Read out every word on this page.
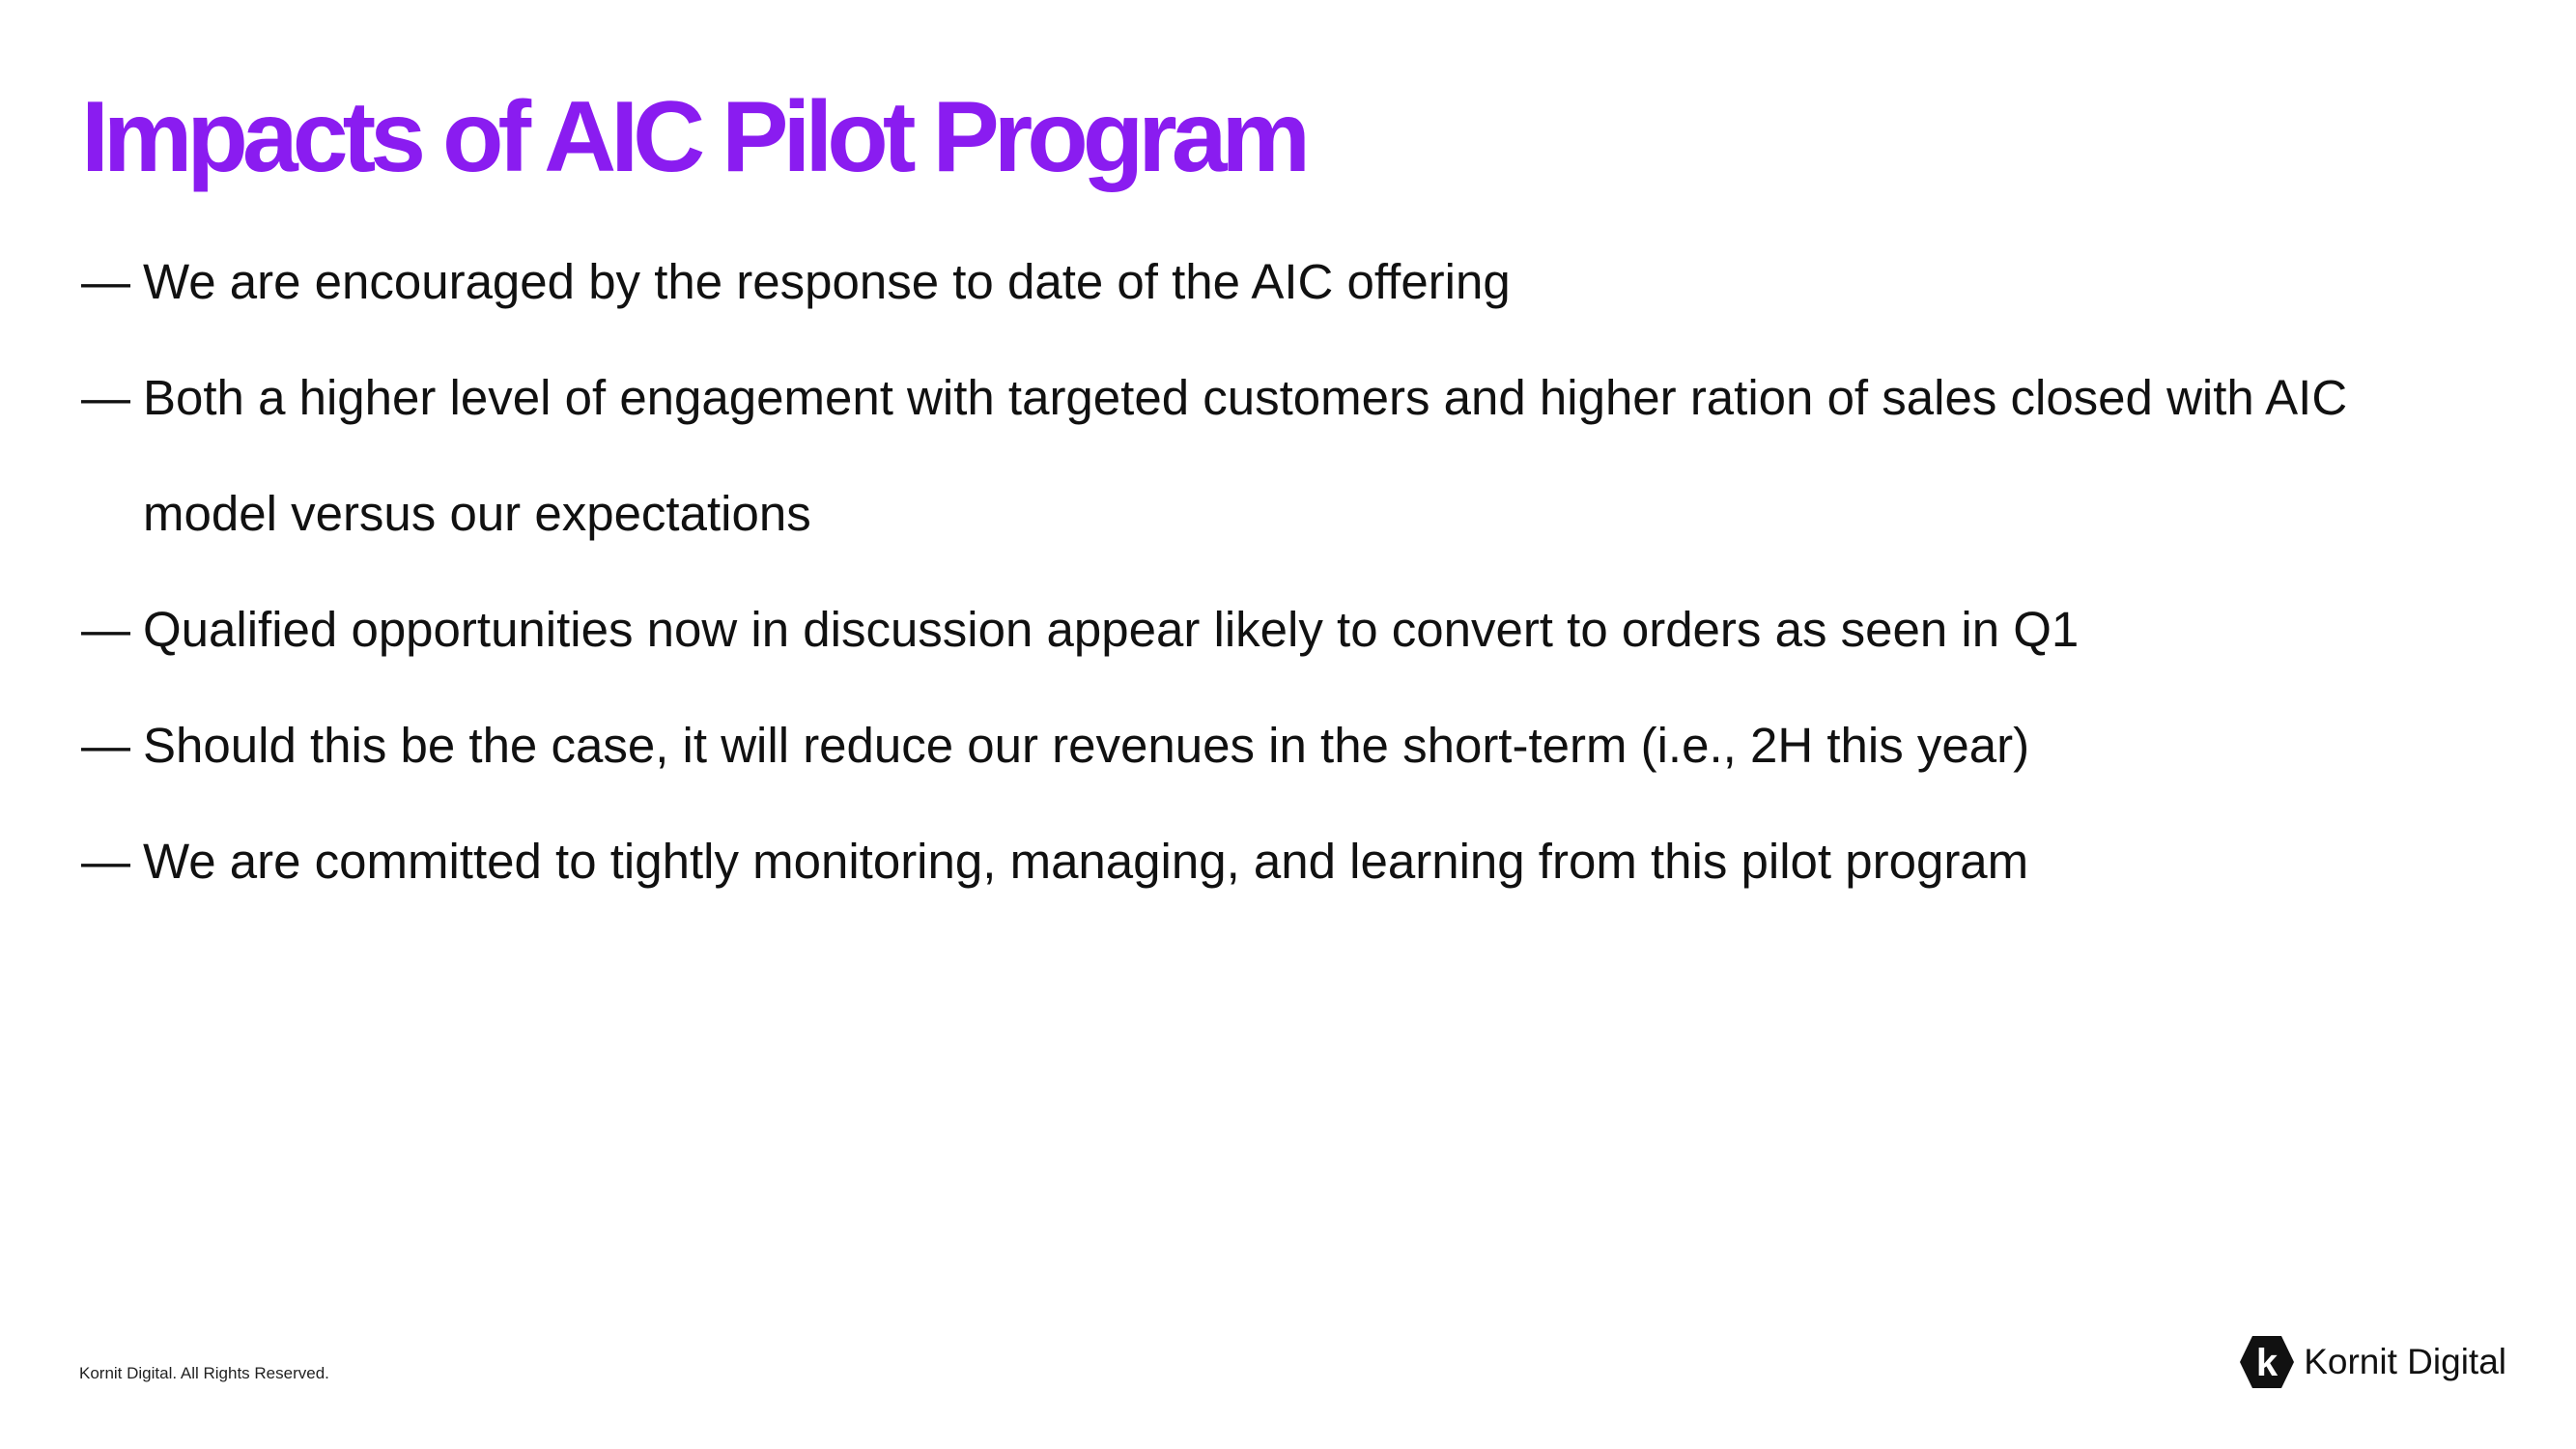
Impacts of AIC Pilot Program
— We are encouraged by the response to date of the AIC offering
— Both a higher level of engagement with targeted customers and higher ration of sales closed with AIC model versus our expectations
— Qualified opportunities now in discussion appear likely to convert to orders as seen in Q1
— Should this be the case, it will reduce our revenues in the short-term (i.e., 2H this year)
— We are committed to tightly monitoring, managing, and learning from this pilot program
Kornit Digital. All Rights Reserved.	k Kornit Digital
